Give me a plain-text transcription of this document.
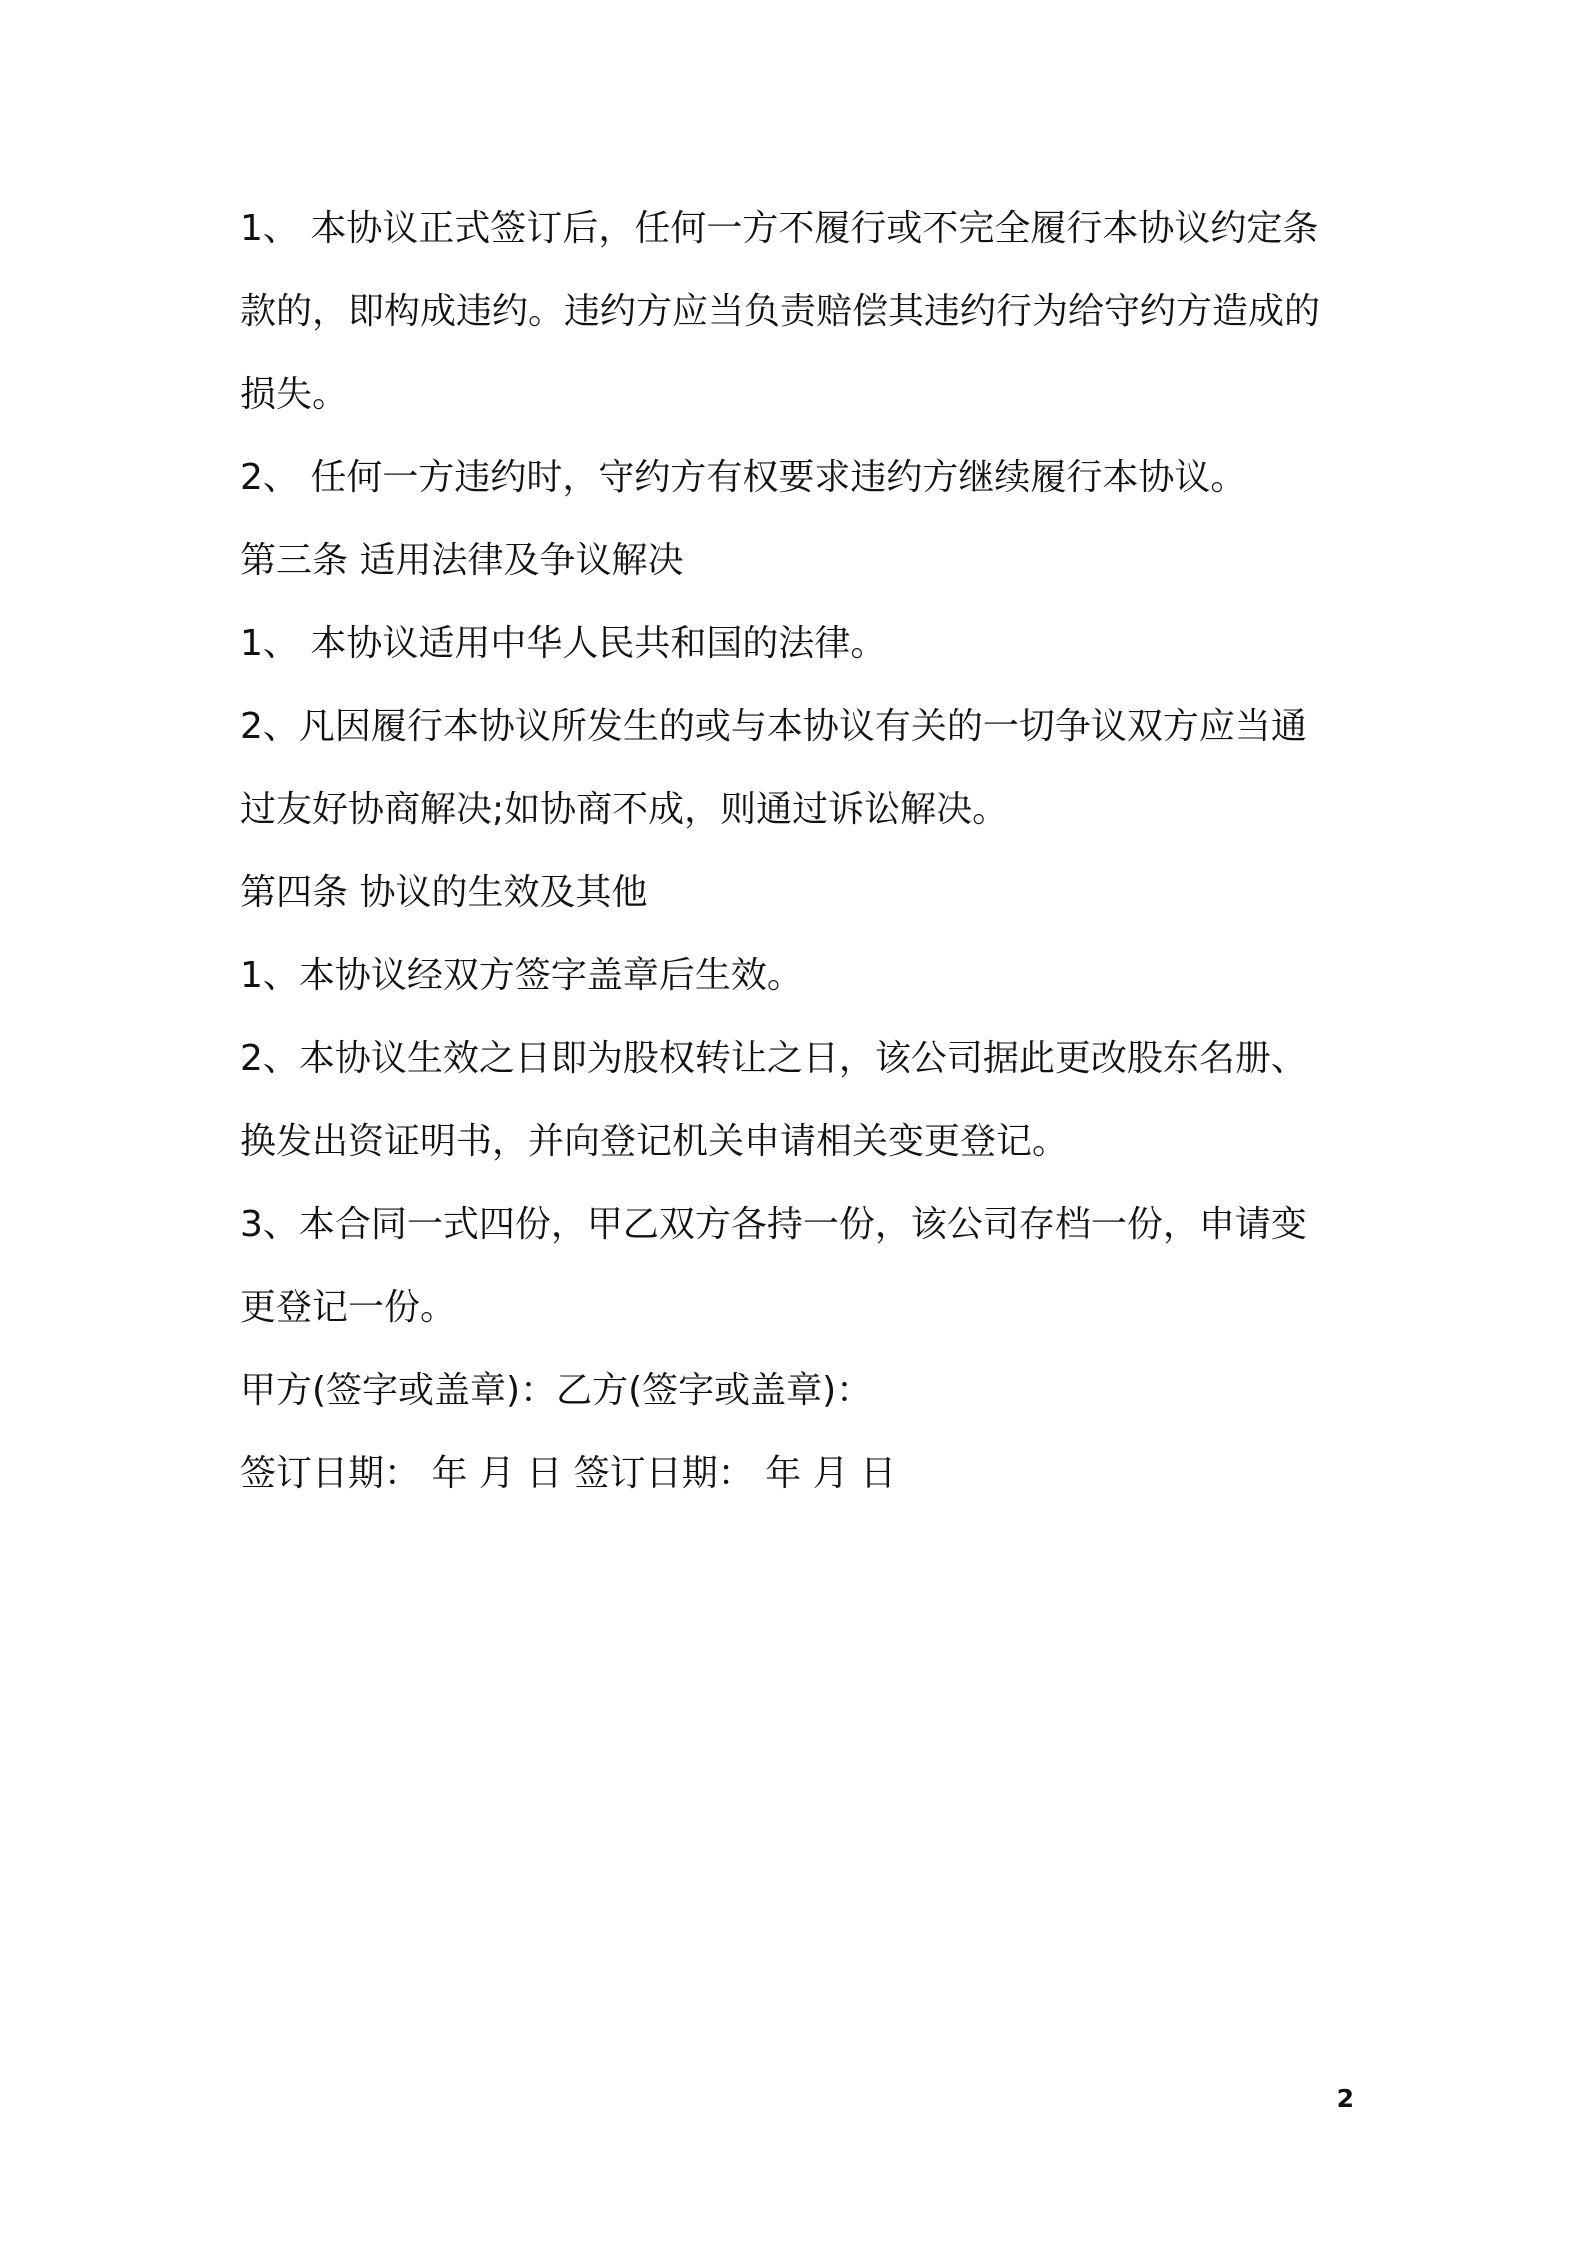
1、 本协议正式签订后，任何一方不履行或不完全履行本协议约定条
款的，即构成违约。违约方应当负责赔偿其违约行为给守约方造成的
损失。
2、 任何一方违约时，守约方有权要求违约方继续履行本协议。
第三条 适用法律及争议解决
1、 本协议适用中华人民共和国的法律。
2、凡因履行本协议所发生的或与本协议有关的一切争议双方应当通
过友好协商解决;如协商不成，则通过诉讼解决。
第四条 协议的生效及其他
1、本协议经双方签字盖章后生效。
2、本协议生效之日即为股权转让之日，该公司据此更改股东名册、
换发出资证明书，并向登记机关申请相关变更登记。
3、本合同一式四份，甲乙双方各持一份，该公司存档一份，申请变
更登记一份。
甲方(签字或盖章)：乙方(签字或盖章)：
签订日期： 年 月 日 签订日期： 年 月 日
2
